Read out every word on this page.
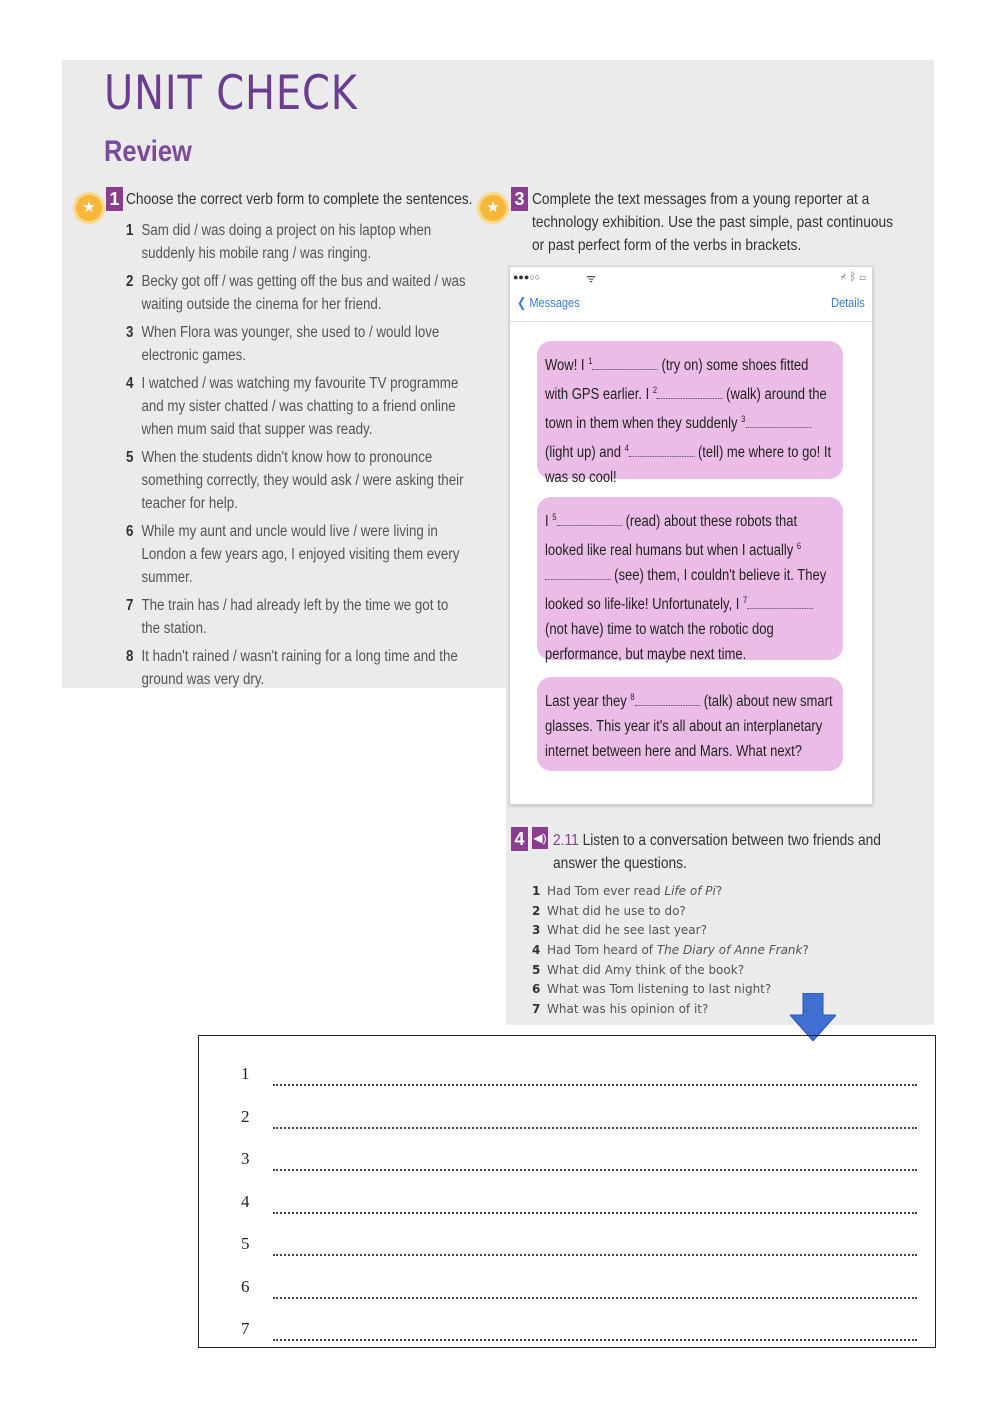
UNIT CHECK
Review
★ 1 Choose the correct verb form to complete the sentences.
1 Sam did / was doing a project on his laptop when suddenly his mobile rang / was ringing.
2 Becky got off / was getting off the bus and waited / was waiting outside the cinema for her friend.
3 When Flora was younger, she used to / would love electronic games.
4 I watched / was watching my favourite TV programme and my sister chatted / was chatting to a friend online when mum said that supper was ready.
5 When the students didn't know how to pronounce something correctly, they would ask / were asking their teacher for help.
6 While my aunt and uncle would live / were living in London a few years ago, I enjoyed visiting them every summer.
7 The train has / had already left by the time we got to the station.
8 It hadn't rained / wasn't raining for a long time and the ground was very dry.
★ 3 Complete the text messages from a young reporter at a technology exhibition. Use the past simple, past continuous or past perfect form of the verbs in brackets.
●●●○○	ᯤ	⊀ ᛒ ▭
❮ Messages	Details
Wow! I $^1$	(try on) some shoes fitted with GPS earlier. I $^2$	(walk) around the town in them when they suddenly $^3$ (light up) and $^4$	(tell) me where to go! It was so cool!
I $^5$	(read) about these robots that looked like real humans but when I actually $^6$ (see) them, I couldn't believe it. They looked so life-like! Unfortunately, I $^7$ (not have) time to watch the robotic dog performance, but maybe next time.
Last year they $^8$	(talk) about new smart glasses. This year it's all about an interplanetary internet between here and Mars. What next?
4 ◀) 2.11 Listen to a conversation between two friends and answer the questions.
1 Had Tom ever read Life of Pi?
2 What did he use to do?
3 What did he see last year?
4 Had Tom heard of The Diary of Anne Frank?
5 What did Amy think of the book?
6 What was Tom listening to last night?
7 What was his opinion of it?
1
2
3
4
5
6
7
